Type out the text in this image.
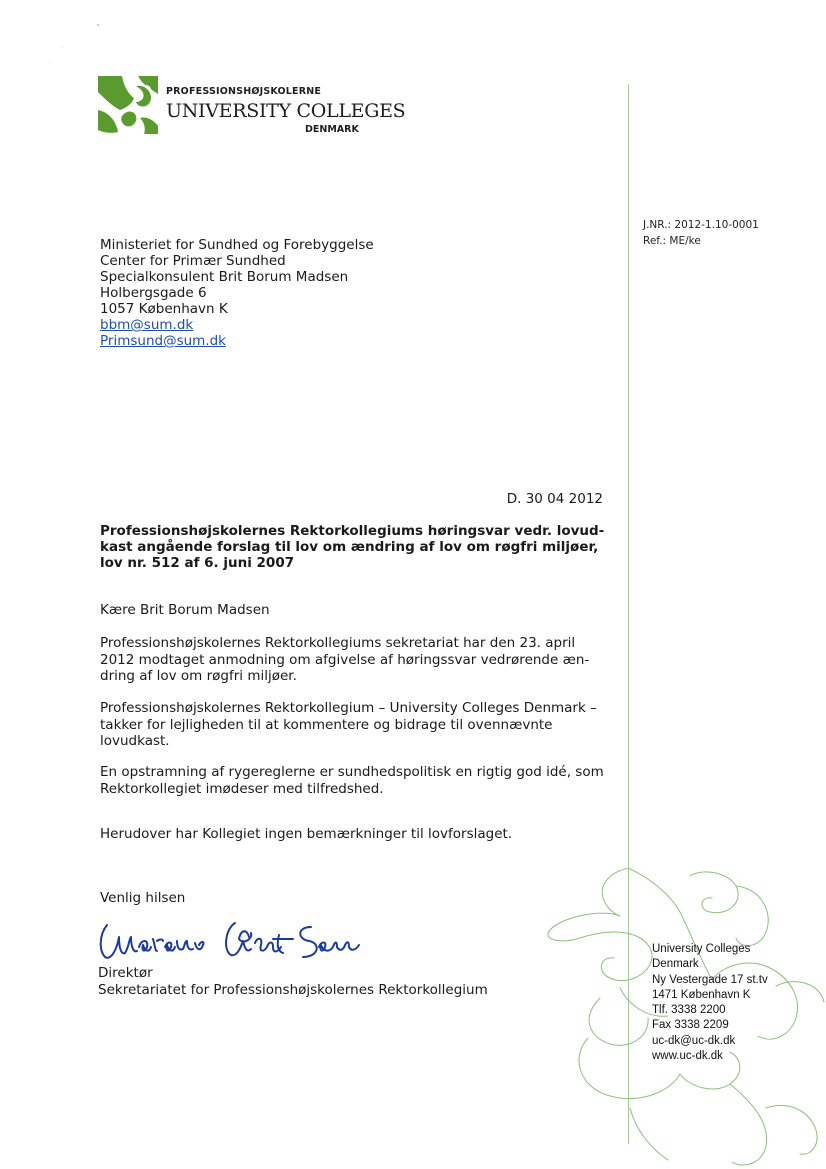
PROFESSIONSHØJSKOLERNE
UNIVERSITY COLLEGES
DENMARK
J.NR.: 2012-1.10-0001
Ref.: ME/ke
Ministeriet for Sundhed og Forebyggelse
Center for Primær Sundhed
Specialkonsulent Brit Borum Madsen
Holbergsgade 6
1057 København K
bbm@sum.dk
Primsund@sum.dk
D. 30 04 2012
Professionshøjskolernes Rektorkollegiums høringsvar vedr. lovud-
kast angående forslag til lov om ændring af lov om røgfri miljøer,
lov nr. 512 af 6. juni 2007
Kære Brit Borum Madsen
Professionshøjskolernes Rektorkollegiums sekretariat har den 23. april
2012 modtaget anmodning om afgivelse af høringssvar vedrørende æn-
dring af lov om røgfri miljøer.
Professionshøjskolernes Rektorkollegium – University Colleges Denmark –
takker for lejligheden til at kommentere og bidrage til ovennævnte
lovudkast.
En opstramning af rygereglerne er sundhedspolitisk en rigtig god idé, som
Rektorkollegiet imødeser med tilfredshed.
Herudover har Kollegiet ingen bemærkninger til lovforslaget.
Venlig hilsen
Direktør
Sekretariatet for Professionshøjskolernes Rektorkollegium
University Colleges
Denmark
Ny Vestergade 17 st.tv
1471 København K
Tlf. 3338 2200
Fax 3338 2209
uc-dk@uc-dk.dk
www.uc-dk.dk
